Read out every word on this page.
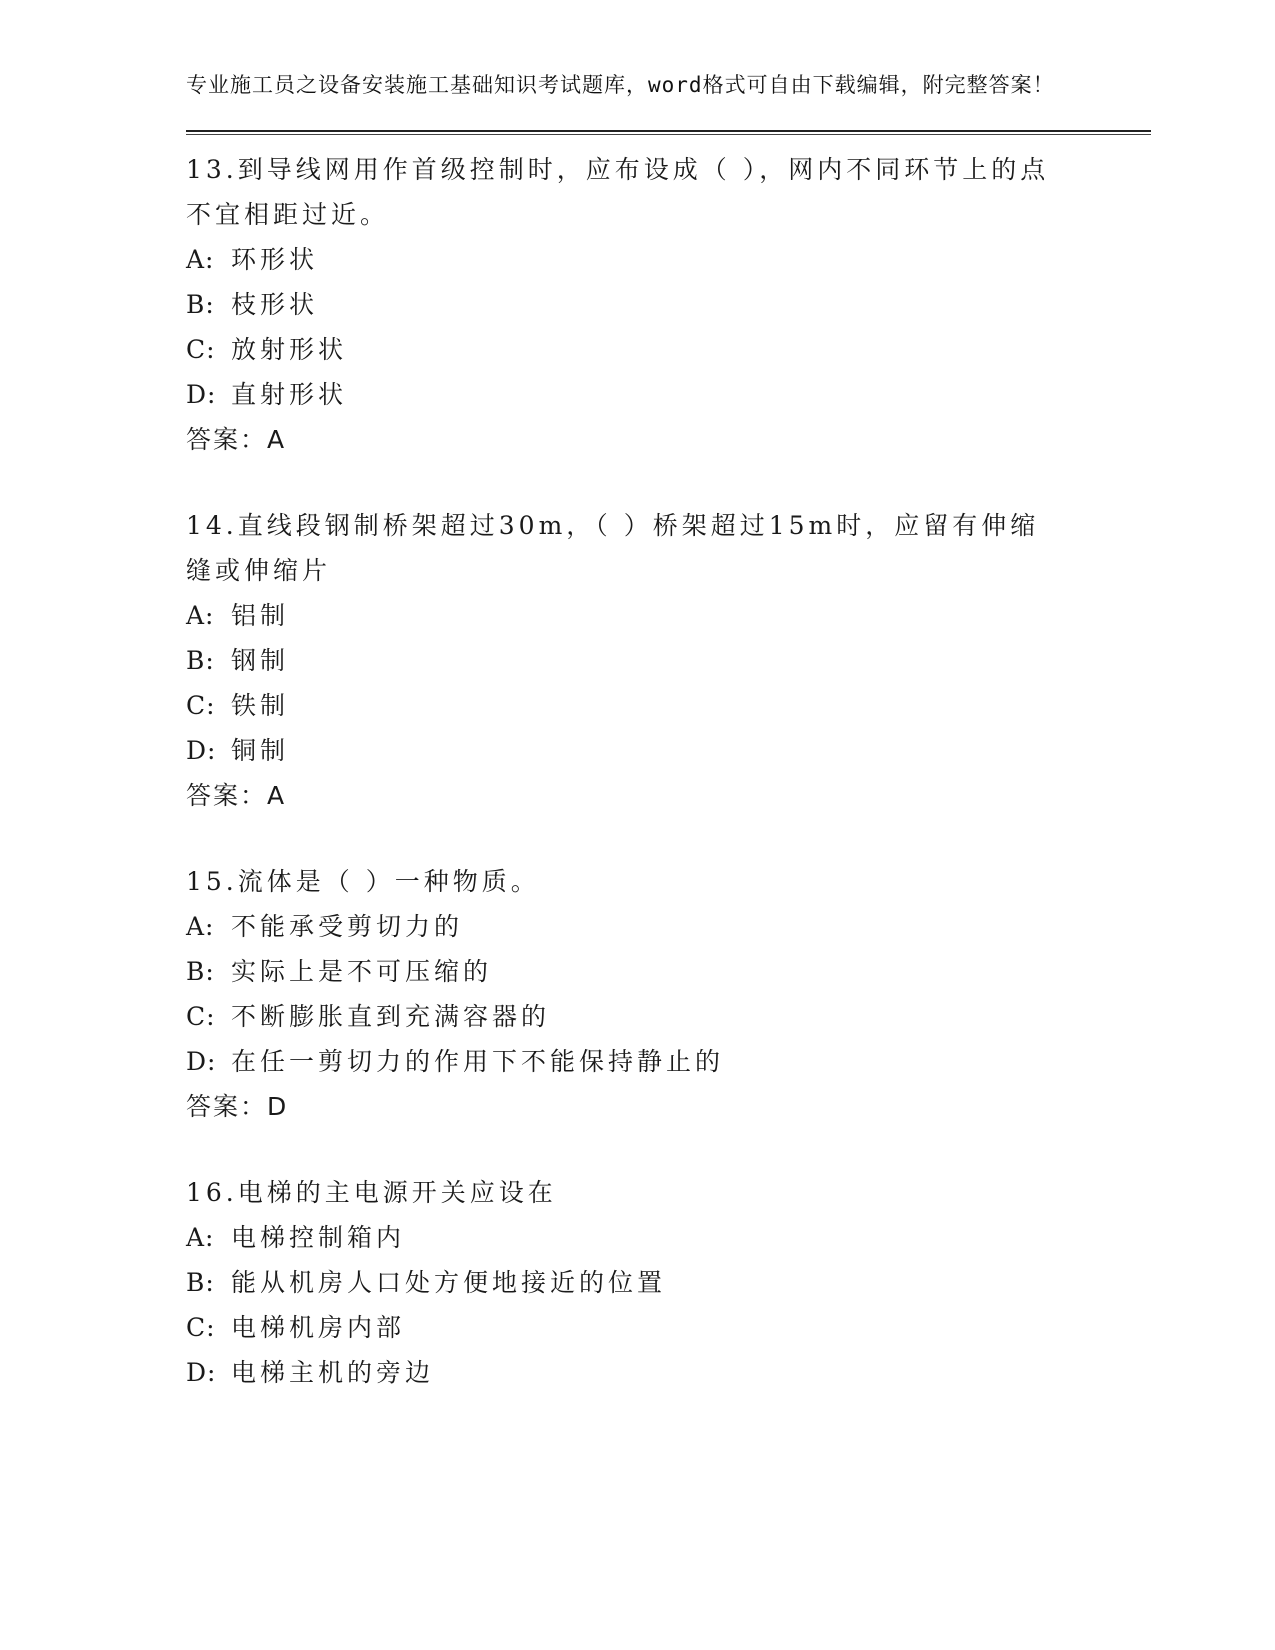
专业施工员之设备安装施工基础知识考试题库，word格式可自由下载编辑，附完整答案！
13.到导线网用作首级控制时，应布设成（ ），网内不同环节上的点不宜相距过近。
A: 环形状
B: 枝形状
C: 放射形状
D: 直射形状
答案：A
14.直线段钢制桥架超过30m，（ ）桥架超过15m时，应留有伸缩缝或伸缩片
A: 铝制
B: 钢制
C: 铁制
D: 铜制
答案：A
15.流体是（ ）一种物质。
A: 不能承受剪切力的
B: 实际上是不可压缩的
C: 不断膨胀直到充满容器的
D: 在任一剪切力的作用下不能保持静止的
答案：D
16.电梯的主电源开关应设在
A: 电梯控制箱内
B: 能从机房人口处方便地接近的位置
C: 电梯机房内部
D: 电梯主机的旁边
